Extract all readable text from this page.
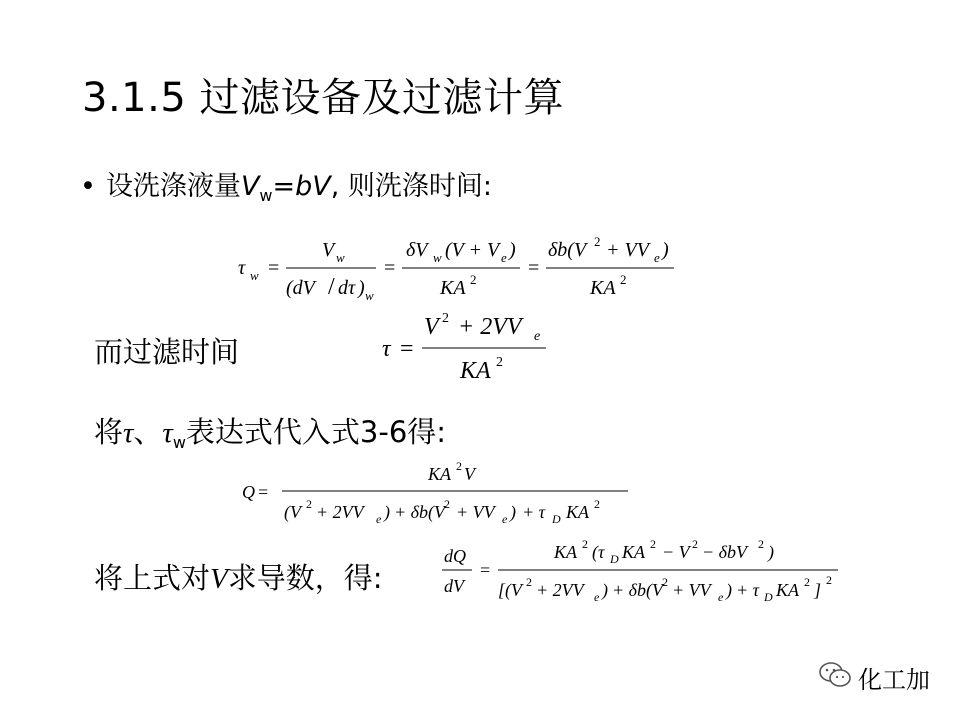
3.1.5 过滤设备及过滤计算
• 设洗涤液量$V_w=bV$, 则洗涤时间:
τ w =
V w
(dV / dτ ) w
=
δV w (V + V e )
KA 2
=
δb(V 2 + VV e )
KA 2
而过滤时间	τ =
V 2 + 2VV e
KA 2
将τ、$\tau_w$表达式代入式3-6得:
Q =
KA 2 V
(V 2 + 2VV e ) + δb(V
2 + VV e ) + τ D KA 2
将上式对V求导数，得:
dQ
dV
=
KA 2 (τ D KA 2 − V 2 − δbV 2 )
[(V 2 + 2VV e ) + δb(V
2 + VV e ) + τ D KA 2 ] 2
化工加
